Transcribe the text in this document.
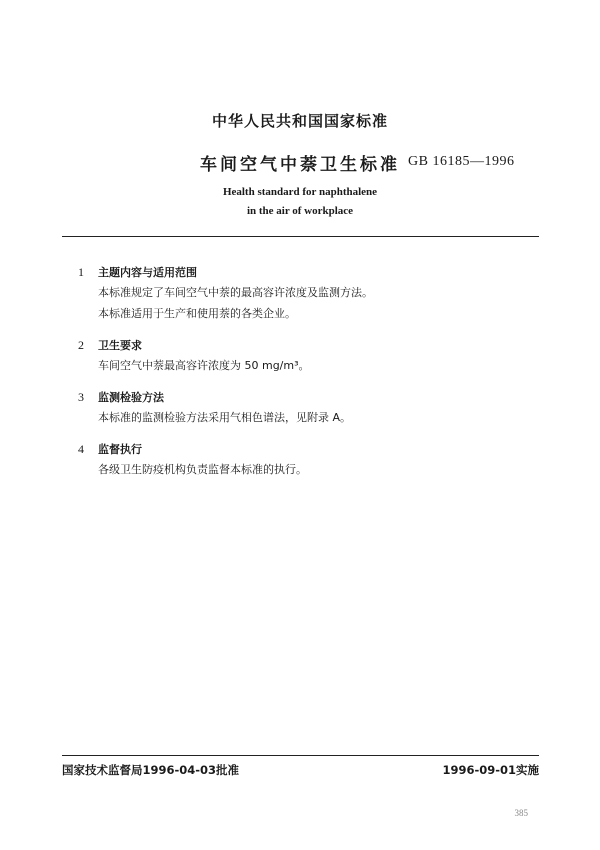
中华人民共和国国家标准
车间空气中萘卫生标准 GB 16185—1996
Health standard for naphthalene
in the air of workplace
1 主题内容与适用范围
本标准规定了车间空气中萘的最高容许浓度及监测方法。
本标准适用于生产和使用萘的各类企业。
2 卫生要求
车间空气中萘最高容许浓度为 50 mg/m³。
3 监测检验方法
本标准的监测检验方法采用气相色谱法，见附录 A。
4 监督执行
各级卫生防疫机构负责监督本标准的执行。
国家技术监督局1996-04-03批准	1996-09-01实施
385
